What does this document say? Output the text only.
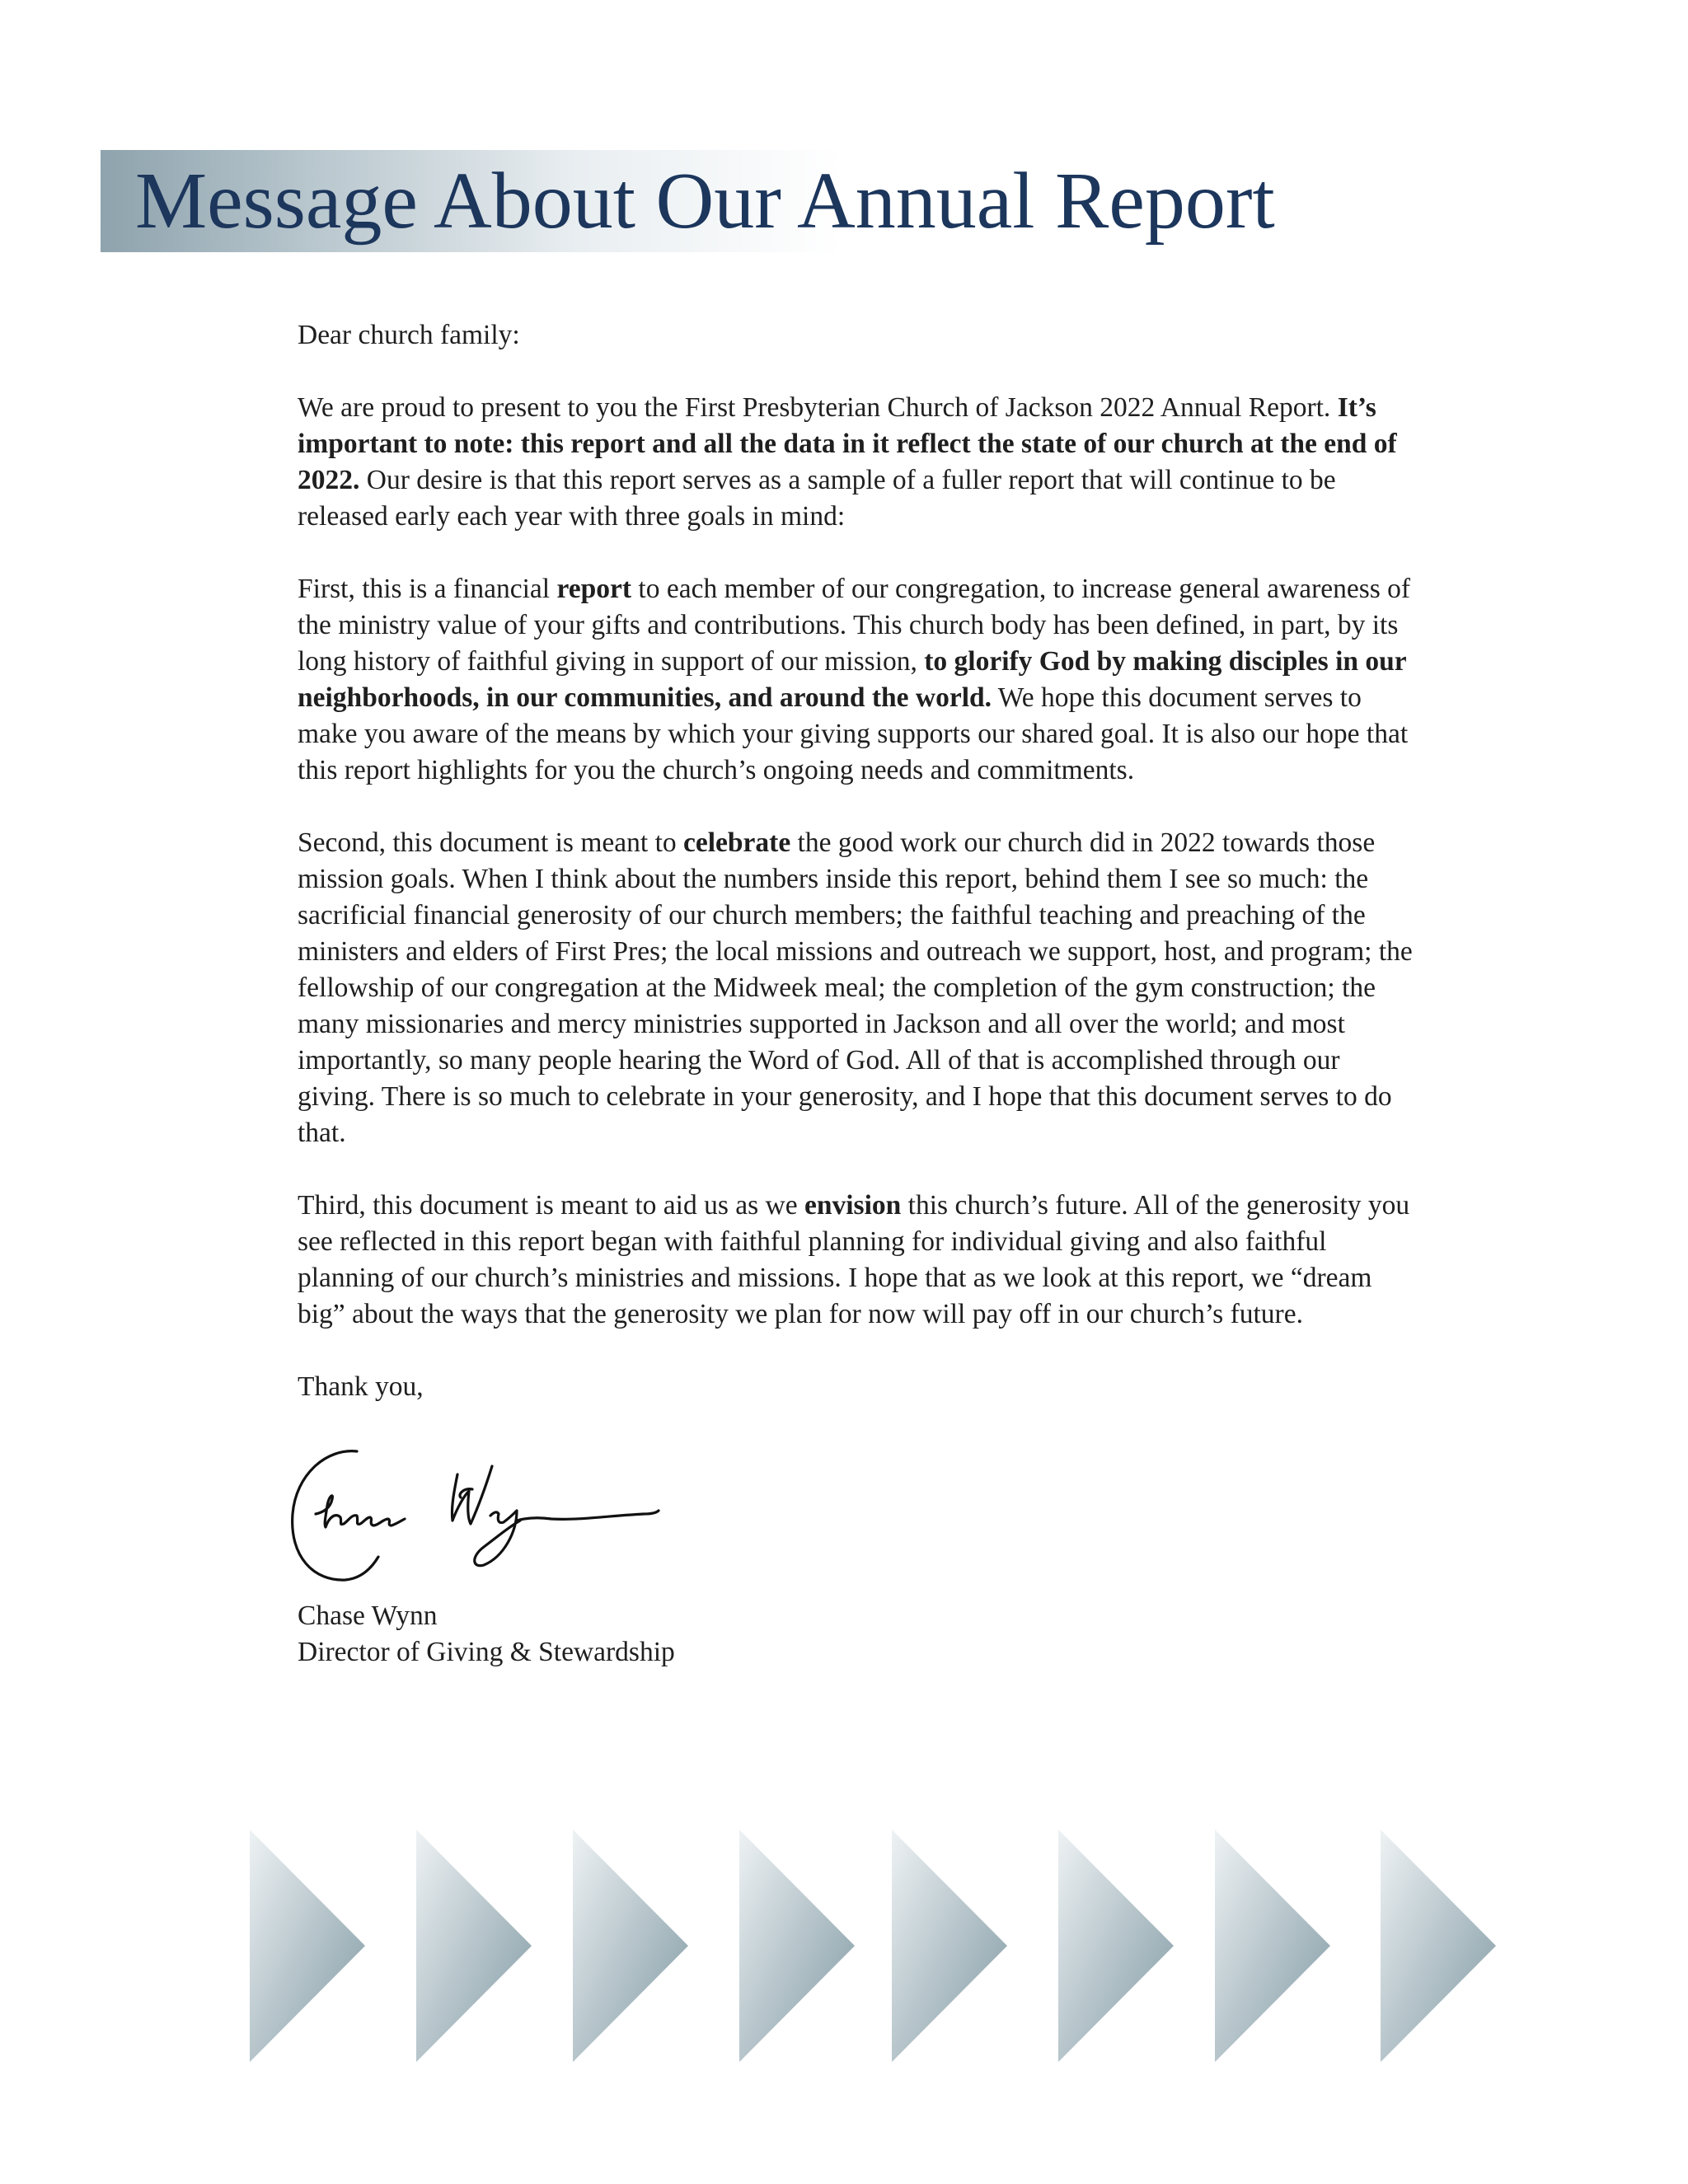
Message About Our Annual Report

Dear church family:

We are proud to present to you the First Presbyterian Church of Jackson 2022 Annual Report. It’s important to note: this report and all the data in it reflect the state of our church at the end of 2022. Our desire is that this report serves as a sample of a fuller report that will continue to be released early each year with three goals in mind:

First, this is a financial report to each member of our congregation, to increase general awareness of the ministry value of your gifts and contributions. This church body has been defined, in part, by its long history of faithful giving in support of our mission, to glorify God by making disciples in our neighborhoods, in our communities, and around the world. We hope this document serves to make you aware of the means by which your giving supports our shared goal. It is also our hope that this report highlights for you the church’s ongoing needs and commitments.

Second, this document is meant to celebrate the good work our church did in 2022 towards those mission goals. When I think about the numbers inside this report, behind them I see so much: the sacrificial financial generosity of our church members; the faithful teaching and preaching of the ministers and elders of First Pres; the local missions and outreach we support, host, and program; the fellowship of our congregation at the Midweek meal; the completion of the gym construction; the many missionaries and mercy ministries supported in Jackson and all over the world; and most importantly, so many people hearing the Word of God. All of that is accomplished through our giving. There is so much to celebrate in your generosity, and I hope that this document serves to do that.

Third, this document is meant to aid us as we envision this church’s future. All of the generosity you see reflected in this report began with faithful planning for individual giving and also faithful planning of our church’s ministries and missions. I hope that as we look at this report, we “dream big” about the ways that the generosity we plan for now will pay off in our church’s future.

Thank you,

Chase Wynn
Director of Giving & Stewardship
